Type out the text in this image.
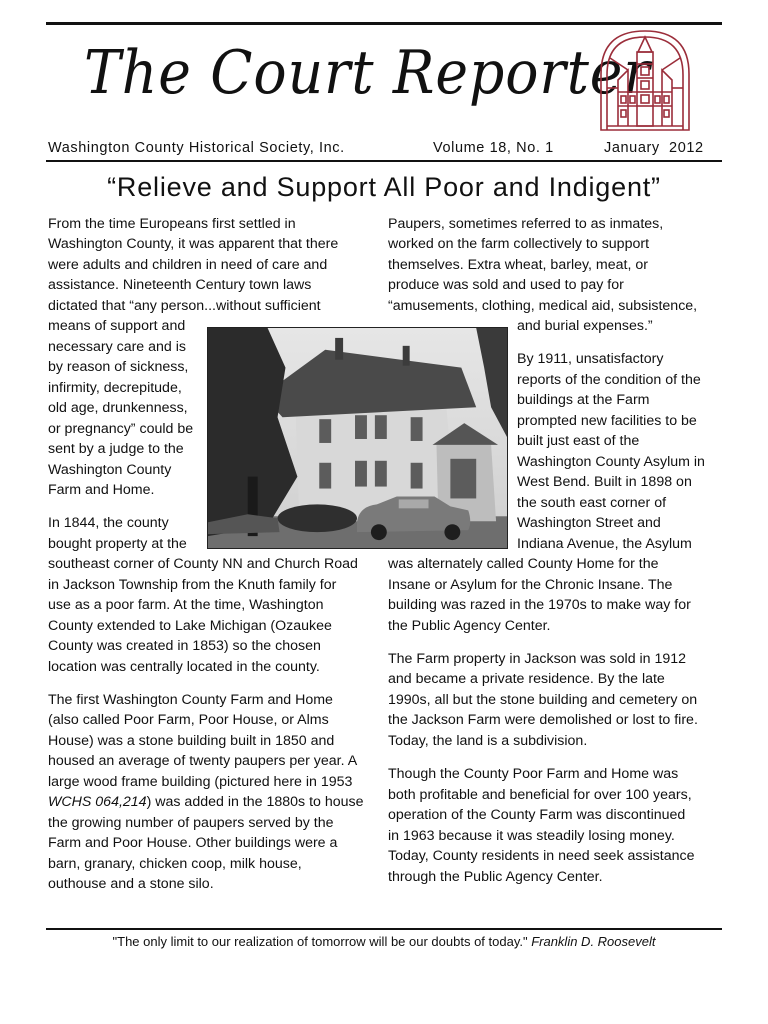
The Court Reporter
Washington County Historical Society, Inc.	Volume 18, No. 1	January  2012
“Relieve and Support All Poor and Indigent”
From the time Europeans first settled in
Washington County, it was apparent that there
were adults and children in need of care and
assistance. Nineteenth Century town laws
dictated that “any person...without sufficient
means of support and
necessary care and is
by reason of sickness,
infirmity, decrepitude,
old age, drunkenness,
or pregnancy” could be
sent by a judge to the
Washington County
Farm and Home.
In 1844, the county
bought property at the
southeast corner of County NN and Church Road
in Jackson Township from the Knuth family for
use as a poor farm. At the time, Washington
County extended to Lake Michigan (Ozaukee
County was created in 1853) so the chosen
location was centrally located in the county.
The first Washington County Farm and Home
(also called Poor Farm, Poor House, or Alms
House) was a stone building built in 1850 and
housed an average of twenty paupers per year. A
large wood frame building (pictured here in 1953
WCHS 064,214) was added in the 1880s to house
the growing number of paupers served by the
Farm and Poor House. Other buildings were a
barn, granary, chicken coop, milk house,
outhouse and a stone silo.
Paupers, sometimes referred to as inmates,
worked on the farm collectively to support
themselves. Extra wheat, barley, meat, or
produce was sold and used to pay for
“amusements, clothing, medical aid, subsistence,
and burial expenses.”
By 1911, unsatisfactory
reports of the condition of the
buildings at the Farm
prompted new facilities to be
built just east of the
Washington County Asylum in
West Bend. Built in 1898 on
the south east corner of
Washington Street and
Indiana Avenue, the Asylum
was alternately called County Home for the
Insane or Asylum for the Chronic Insane. The
building was razed in the 1970s to make way for
the Public Agency Center.
The Farm property in Jackson was sold in 1912
and became a private residence. By the late
1990s, all but the stone building and cemetery on
the Jackson Farm were demolished or lost to fire.
Today, the land is a subdivision.
Though the County Poor Farm and Home was
both profitable and beneficial for over 100 years,
operation of the County Farm was discontinued
in 1963 because it was steadily losing money.
Today, County residents in need seek assistance
through the Public Agency Center.
"The only limit to our realization of tomorrow will be our doubts of today." Franklin D. Roosevelt
